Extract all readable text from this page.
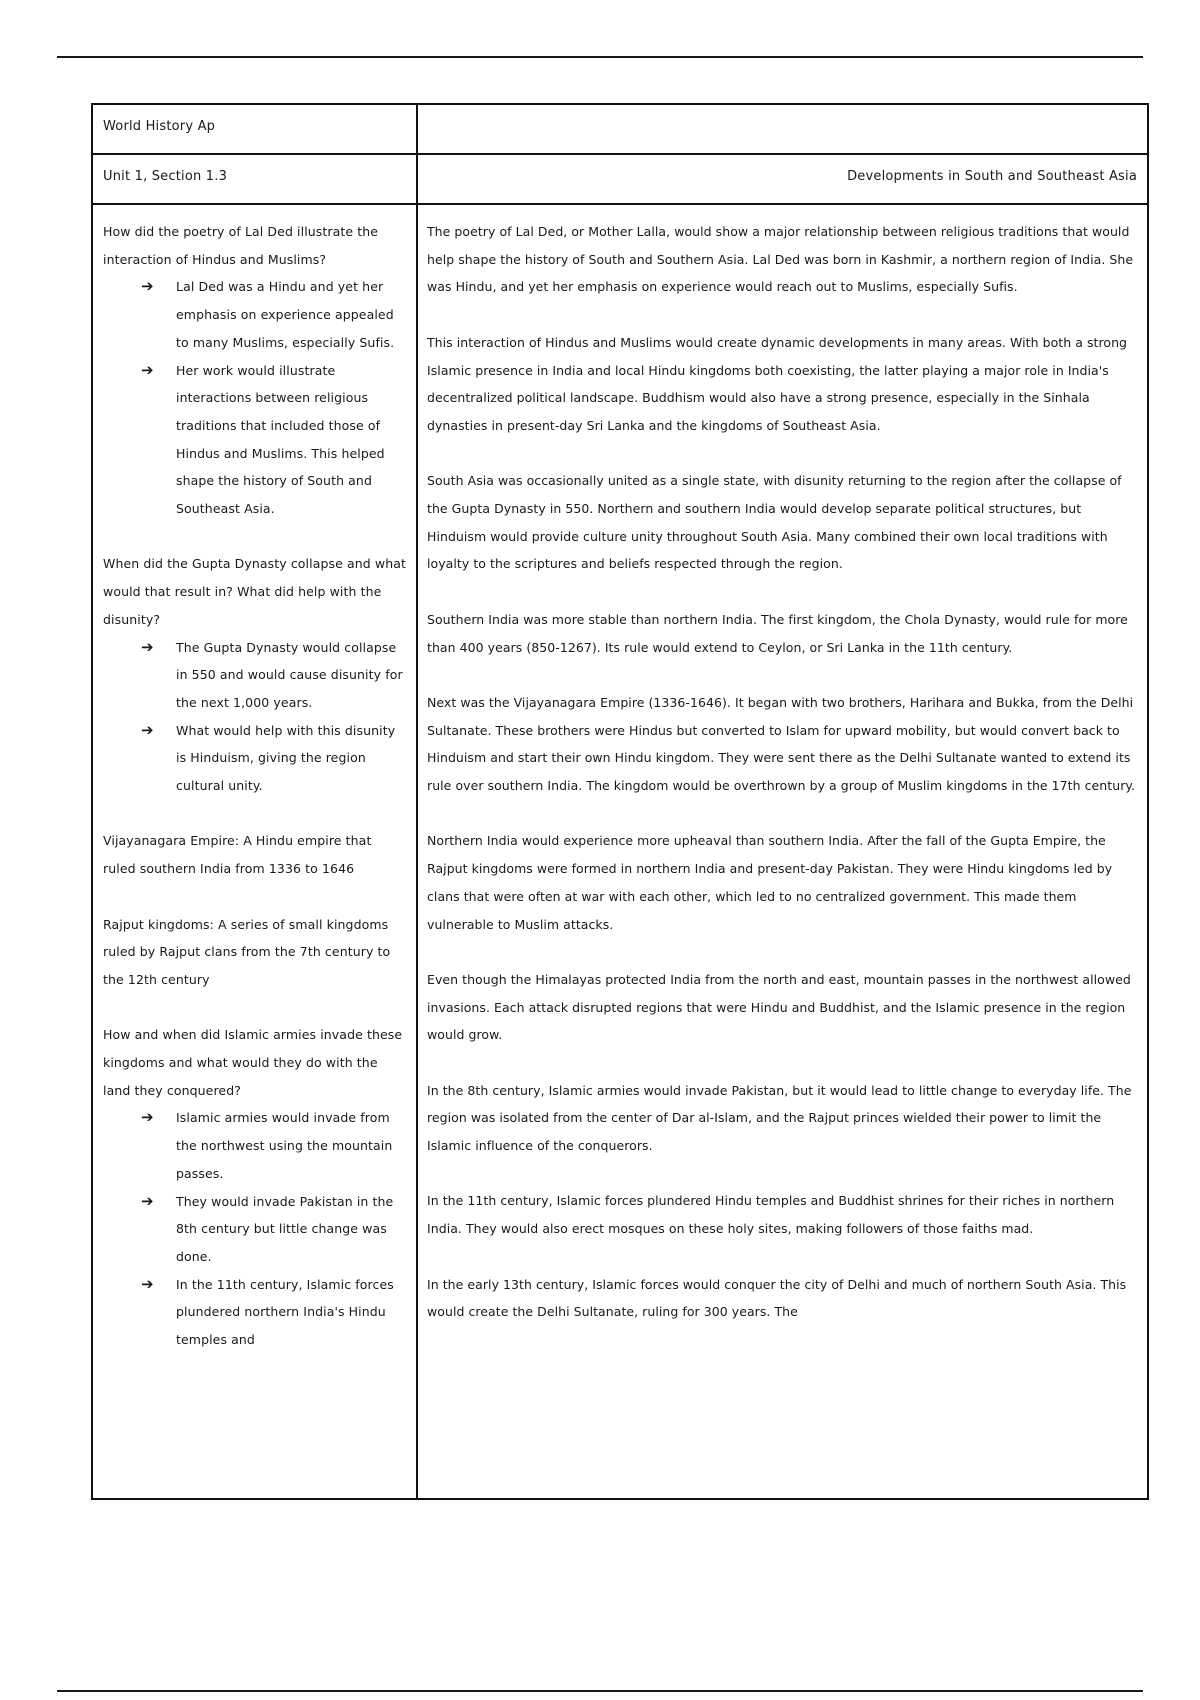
World History Ap
Unit 1, Section 1.3	Developments in South and Southeast Asia

How did the poetry of Lal Ded illustrate the interaction of Hindus and Muslims?

➔ Lal Ded was a Hindu and yet her emphasis on experience appealed to many Muslims, especially Sufis.
➔ Her work would illustrate interactions between religious traditions that included those of Hindus and Muslims. This helped shape the history of South and Southeast Asia.

When did the Gupta Dynasty collapse and what would that result in? What did help with the disunity?

➔ The Gupta Dynasty would collapse in 550 and would cause disunity for the next 1,000 years.
➔ What would help with this disunity is Hinduism, giving the region cultural unity.

Vijayanagara Empire: A Hindu empire that ruled southern India from 1336 to 1646

Rajput kingdoms: A series of small kingdoms ruled by Rajput clans from the 7th century to the 12th century

How and when did Islamic armies invade these kingdoms and what would they do with the land they conquered?

➔ Islamic armies would invade from the northwest using the mountain passes.
➔ They would invade Pakistan in the 8th century but little change was done.
➔ In the 11th century, Islamic forces plundered northern India's Hindu temples and

The poetry of Lal Ded, or Mother Lalla, would show a major relationship between religious traditions that would help shape the history of South and Southern Asia. Lal Ded was born in Kashmir, a northern region of India. She was Hindu, and yet her emphasis on experience would reach out to Muslims, especially Sufis.

This interaction of Hindus and Muslims would create dynamic developments in many areas. With both a strong Islamic presence in India and local Hindu kingdoms both coexisting, the latter playing a major role in India's decentralized political landscape. Buddhism would also have a strong presence, especially in the Sinhala dynasties in present-day Sri Lanka and the kingdoms of Southeast Asia.

South Asia was occasionally united as a single state, with disunity returning to the region after the collapse of the Gupta Dynasty in 550. Northern and southern India would develop separate political structures, but Hinduism would provide culture unity throughout South Asia. Many combined their own local traditions with loyalty to the scriptures and beliefs respected through the region.

Southern India was more stable than northern India. The first kingdom, the Chola Dynasty, would rule for more than 400 years (850-1267). Its rule would extend to Ceylon, or Sri Lanka in the 11th century.

Next was the Vijayanagara Empire (1336-1646). It began with two brothers, Harihara and Bukka, from the Delhi Sultanate. These brothers were Hindus but converted to Islam for upward mobility, but would convert back to Hinduism and start their own Hindu kingdom. They were sent there as the Delhi Sultanate wanted to extend its rule over southern India. The kingdom would be overthrown by a group of Muslim kingdoms in the 17th century.

Northern India would experience more upheaval than southern India. After the fall of the Gupta Empire, the Rajput kingdoms were formed in northern India and present-day Pakistan. They were Hindu kingdoms led by clans that were often at war with each other, which led to no centralized government. This made them vulnerable to Muslim attacks.

Even though the Himalayas protected India from the north and east, mountain passes in the northwest allowed invasions. Each attack disrupted regions that were Hindu and Buddhist, and the Islamic presence in the region would grow.

In the 8th century, Islamic armies would invade Pakistan, but it would lead to little change to everyday life. The region was isolated from the center of Dar al-Islam, and the Rajput princes wielded their power to limit the Islamic influence of the conquerors.

In the 11th century, Islamic forces plundered Hindu temples and Buddhist shrines for their riches in northern India. They would also erect mosques on these holy sites, making followers of those faiths mad.

In the early 13th century, Islamic forces would conquer the city of Delhi and much of northern South Asia. This would create the Delhi Sultanate, ruling for 300 years. The
